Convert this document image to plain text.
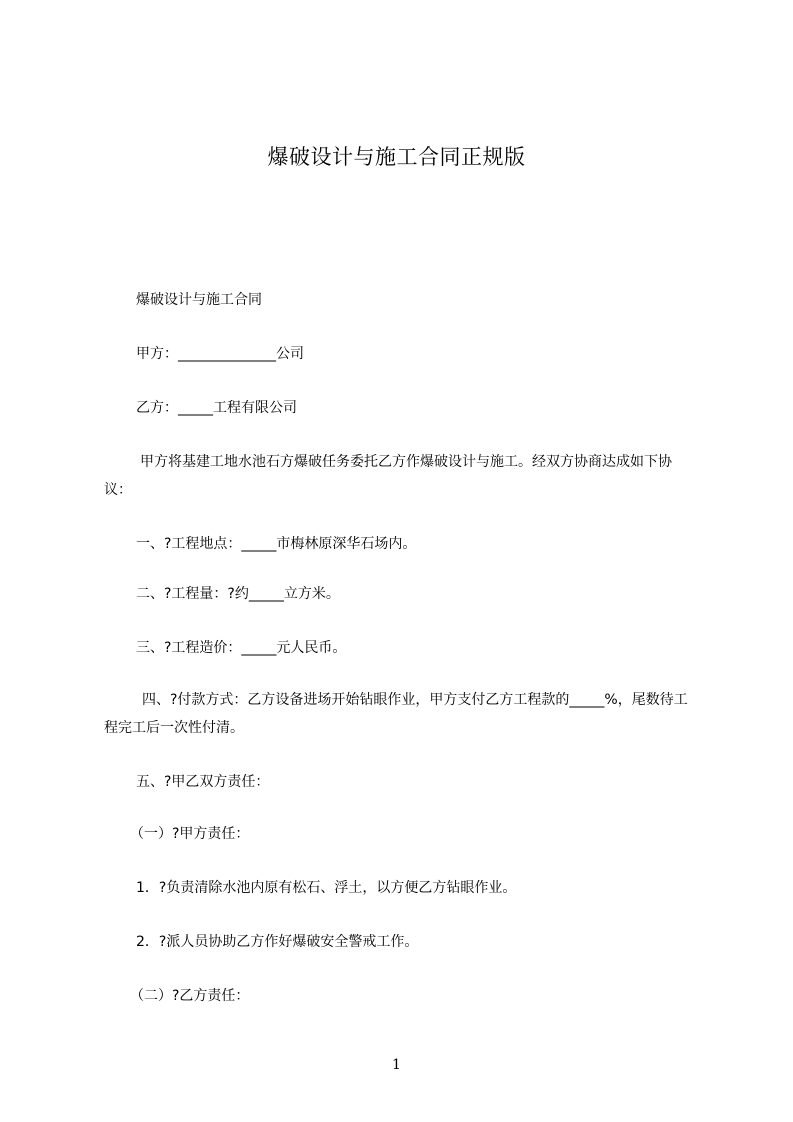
爆破设计与施工合同正规版
爆破设计与施工合同
甲方：______________公司
乙方：_____工程有限公司
甲方将基建工地水池石方爆破任务委托乙方作爆破设计与施工。经双方协商达成如下协议：
一、?工程地点：_____市梅林原深华石场内。
二、?工程量：?约_____立方米。
三、?工程造价：_____元人民币。
四、?付款方式：乙方设备进场开始钻眼作业，甲方支付乙方工程款的_____%，尾数待工程完工后一次性付清。
五、?甲乙双方责任：
（一）?甲方责任：
1．?负责清除水池内原有松石、浮土，以方便乙方钻眼作业。
2．?派人员协助乙方作好爆破安全警戒工作。
（二）?乙方责任：
1
